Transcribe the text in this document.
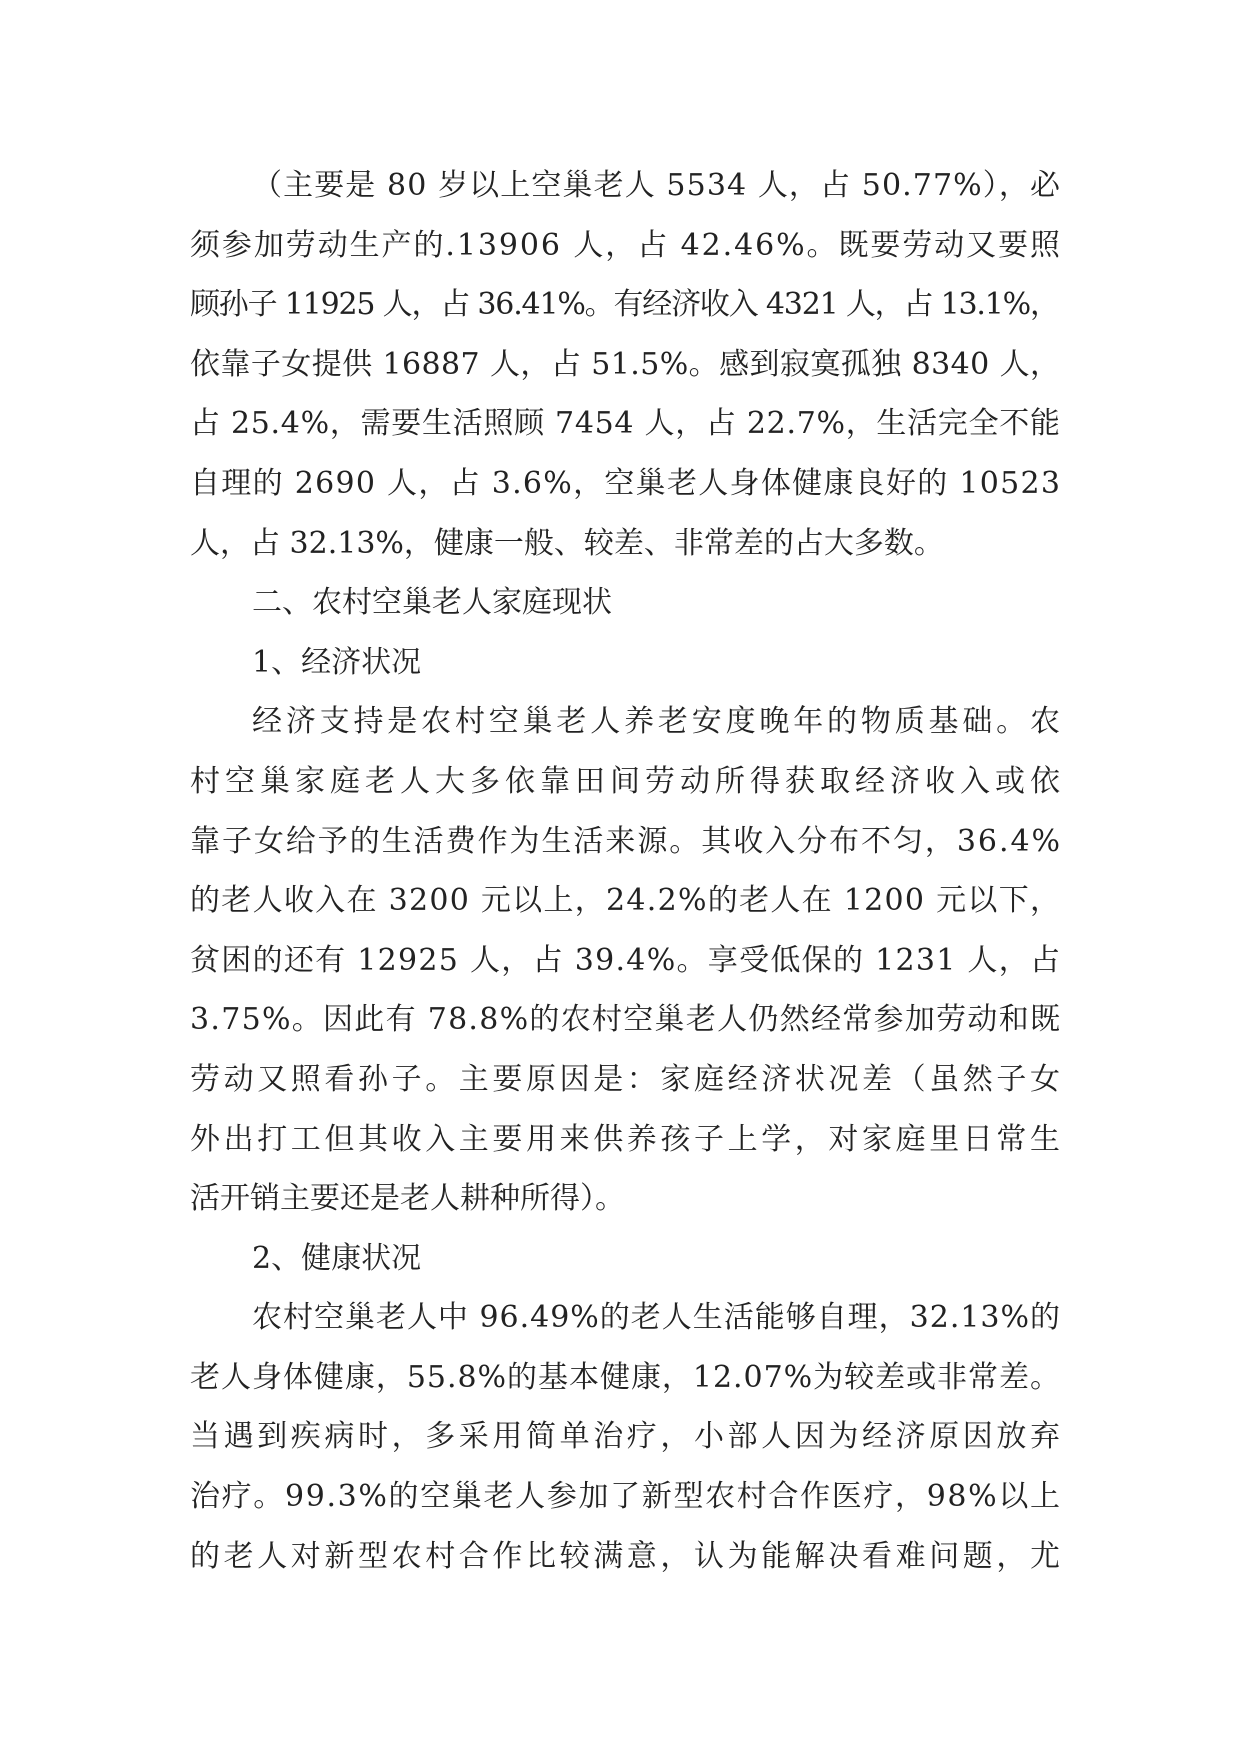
（主要是 80 岁以上空巢老人 5534 人，占 50.77%），必
须参加劳动生产的.13906 人，占 42.46%。既要劳动又要照
顾孙子 11925 人，占 36.41%。有经济收入 4321 人，占 13.1%，
依靠子女提供 16887 人，占 51.5%。感到寂寞孤独 8340 人，
占 25.4%，需要生活照顾 7454 人，占 22.7%，生活完全不能
自理的 2690 人，占 3.6%，空巢老人身体健康良好的 10523
人，占 32.13%，健康一般、较差、非常差的占大多数。
二、农村空巢老人家庭现状
1、经济状况
经济支持是农村空巢老人养老安度晚年的物质基础。农
村空巢家庭老人大多依靠田间劳动所得获取经济收入或依
靠子女给予的生活费作为生活来源。其收入分布不匀，36.4%
的老人收入在 3200 元以上，24.2%的老人在 1200 元以下，
贫困的还有 12925 人，占 39.4%。享受低保的 1231 人，占
3.75%。因此有 78.8%的农村空巢老人仍然经常参加劳动和既
劳动又照看孙子。主要原因是：家庭经济状况差（虽然子女
外出打工但其收入主要用来供养孩子上学，对家庭里日常生
活开销主要还是老人耕种所得）。
2、健康状况
农村空巢老人中 96.49%的老人生活能够自理，32.13%的
老人身体健康，55.8%的基本健康，12.07%为较差或非常差。
当遇到疾病时，多采用简单治疗，小部人因为经济原因放弃
治疗。99.3%的空巢老人参加了新型农村合作医疗，98%以上
的老人对新型农村合作比较满意，认为能解决看难问题，尤
